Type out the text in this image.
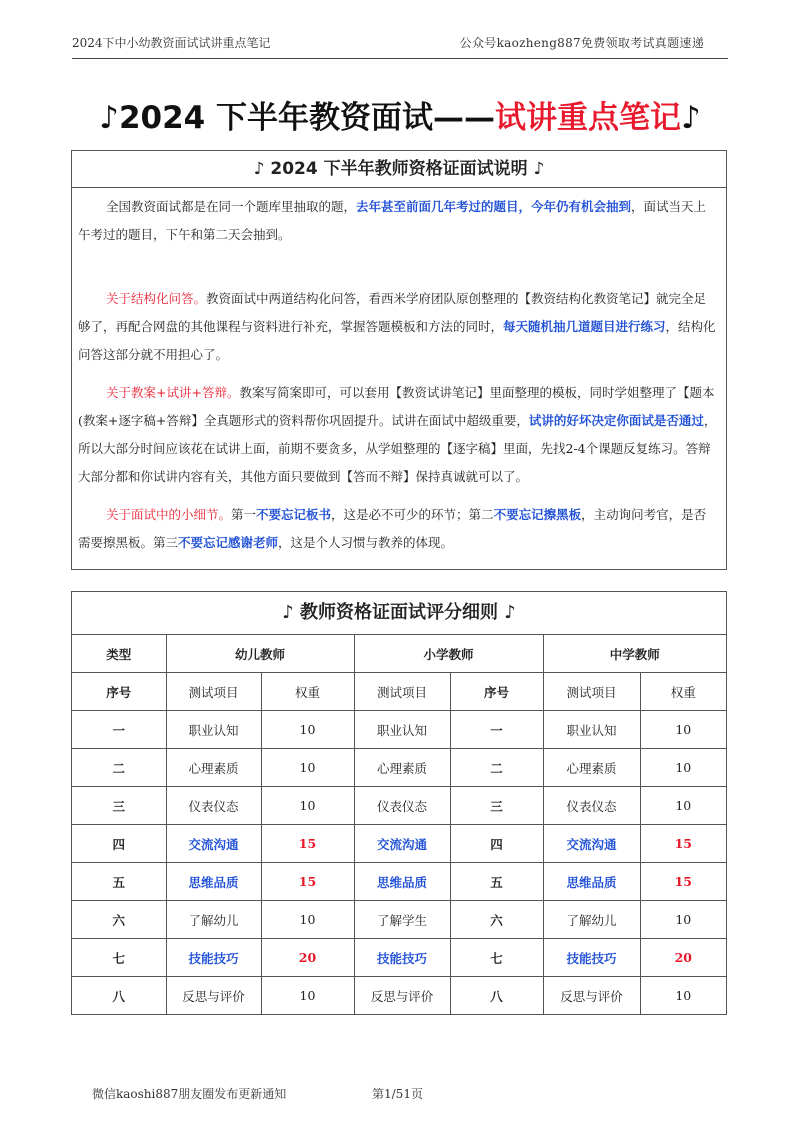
2024下中小幼教资面试试讲重点笔记	公众号kaozheng887免费领取考试真题速递
♪2024 下半年教资面试——试讲重点笔记♪
♪ 2024 下半年教师资格证面试说明 ♪
全国教资面试都是在同一个题库里抽取的题，去年甚至前面几年考过的题目，今年仍有机会抽到，面试当天上午考过的题目，下午和第二天会抽到。
关于结构化问答。教资面试中两道结构化问答，看西米学府团队原创整理的【教资结构化教资笔记】就完全足够了，再配合网盘的其他课程与资料进行补充，掌握答题模板和方法的同时，每天随机抽几道题目进行练习，结构化问答这部分就不用担心了。
关于教案+试讲+答辩。教案写简案即可，可以套用【教资试讲笔记】里面整理的模板，同时学姐整理了【题本(教案+逐字稿+答辩】全真题形式的资料帮你巩固提升。试讲在面试中超级重要，试讲的好坏决定你面试是否通过，所以大部分时间应该花在试讲上面，前期不要贪多，从学姐整理的【逐字稿】里面，先找2-4个课题反复练习。答辩大部分都和你试讲内容有关，其他方面只要做到【答而不辩】保持真诚就可以了。
关于面试中的小细节。第一不要忘记板书，这是必不可少的环节；第二不要忘记擦黑板，主动询问考官，是否需要擦黑板。第三不要忘记感谢老师，这是个人习惯与教养的体现。
♪ 教师资格证面试评分细则 ♪
类型	幼儿教师		小学教师		中学教师	
序号	测试项目	权重	测试项目	序号	测试项目	权重
一	职业认知	10	职业认知	一	职业认知	10
二	心理素质	10	心理素质	二	心理素质	10
三	仪表仪态	10	仪表仪态	三	仪表仪态	10
四	交流沟通	15	交流沟通	四	交流沟通	15
五	思维品质	15	思维品质	五	思维品质	15
六	了解幼儿	10	了解学生	六	了解幼儿	10
七	技能技巧	20	技能技巧	七	技能技巧	20
八	反思与评价	10	反思与评价	八	反思与评价	10
微信kaoshi887朋友圈发布更新通知	第1/51页
